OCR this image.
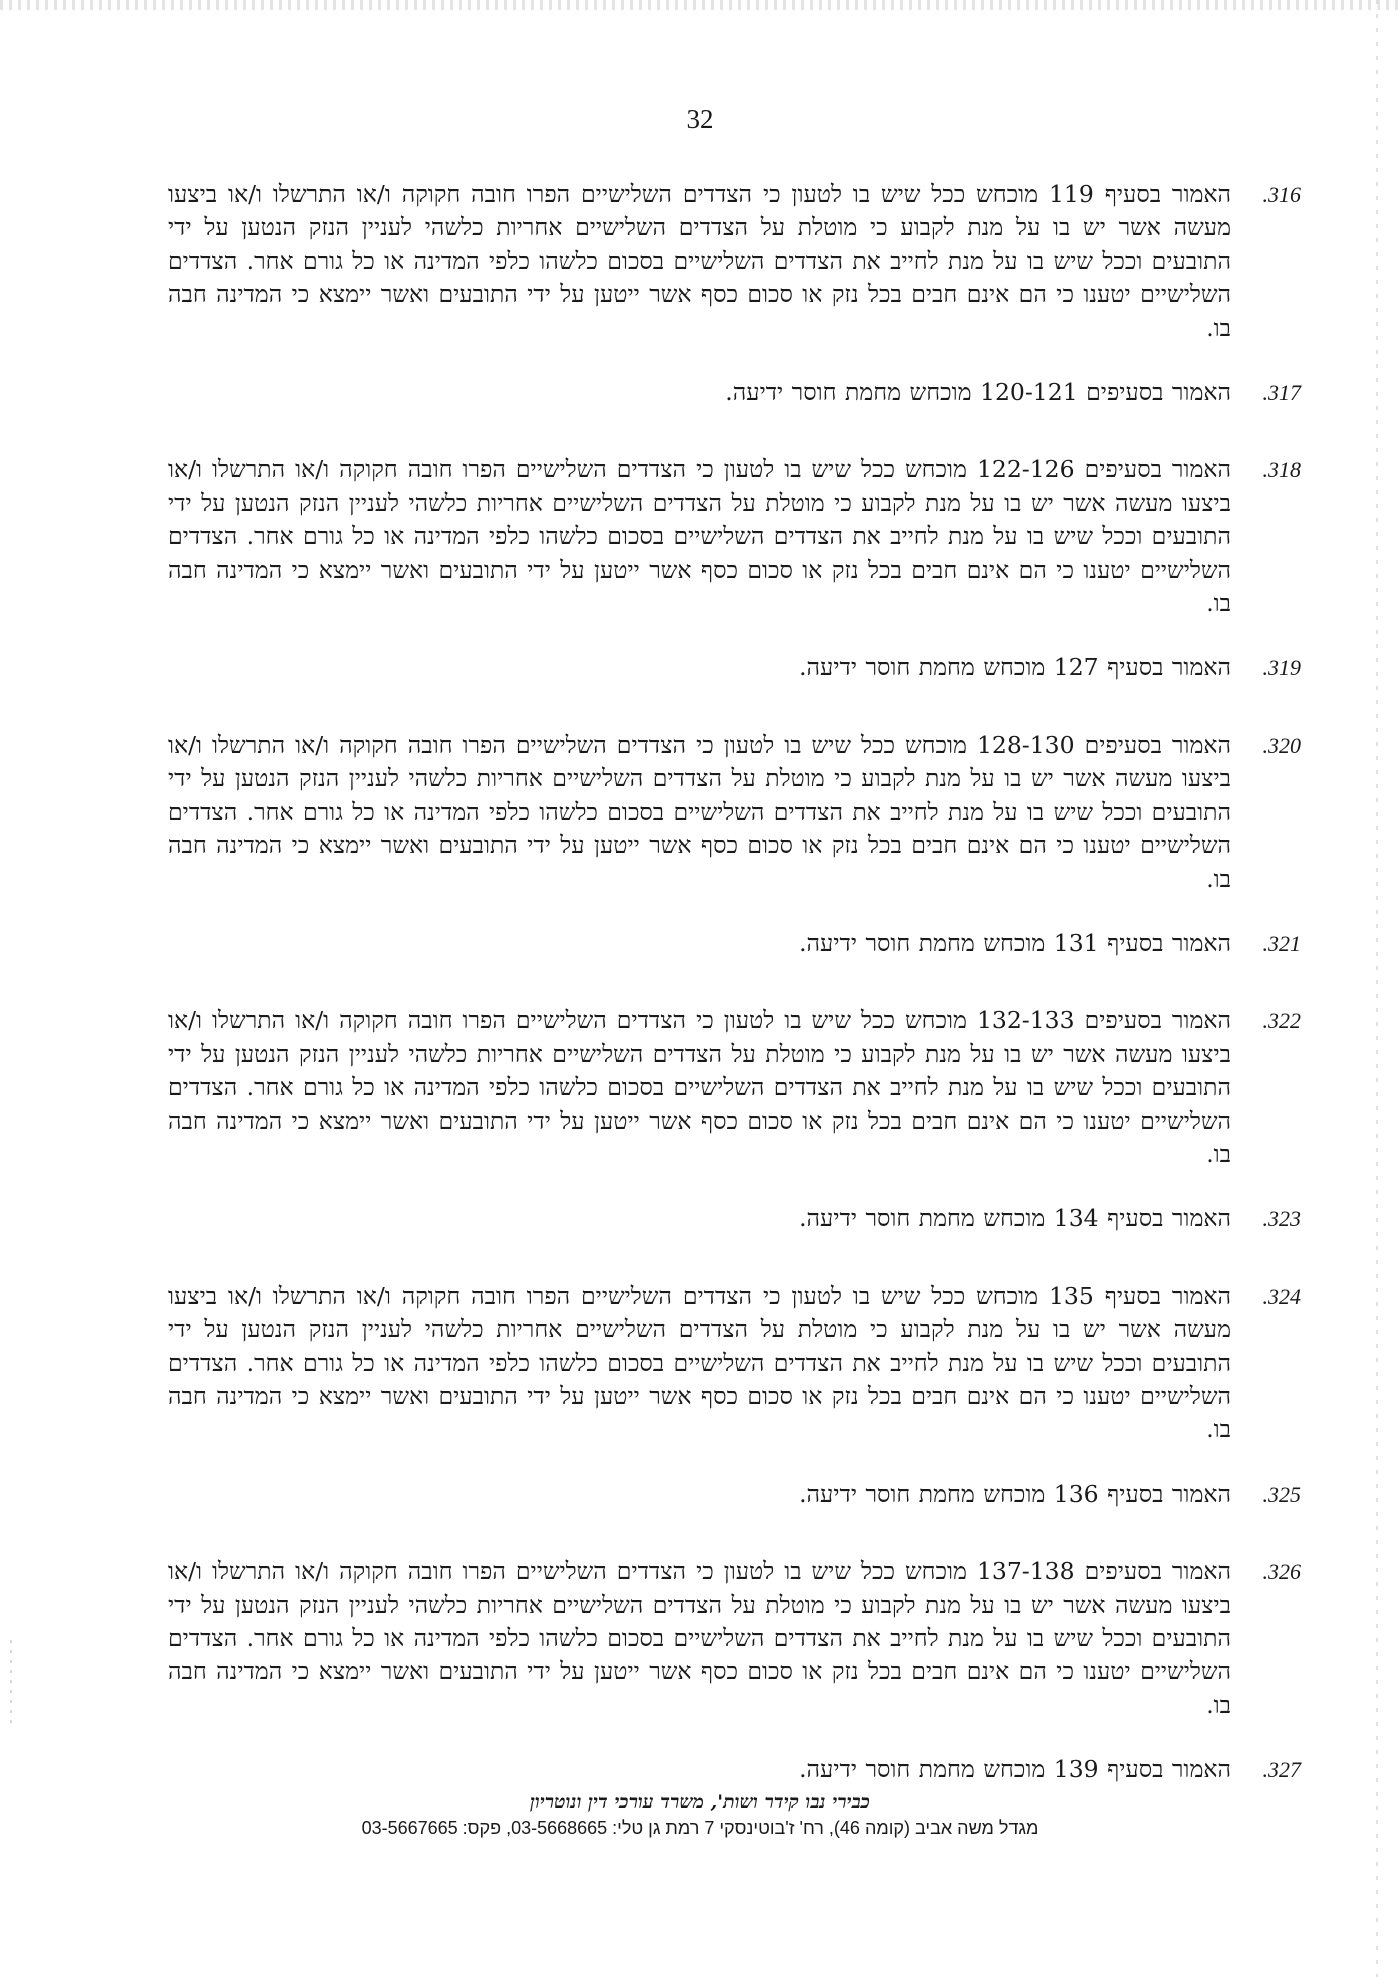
32
.316
האמור בסעיף 119 מוכחש ככל שיש בו לטעון כי הצדדים השלישיים הפרו חובה חקוקה ו/או התרשלו ו/או ביצעו מעשה אשר יש בו על מנת לקבוע כי מוטלת על הצדדים השלישיים אחריות כלשהי לעניין הנזק הנטען על ידי התובעים וככל שיש בו על מנת לחייב את הצדדים השלישיים בסכום כלשהו כלפי המדינה או כל גורם אחר. הצדדים השלישיים יטענו כי הם אינם חבים בכל נזק או סכום כסף אשר ייטען על ידי התובעים ואשר יימצא כי המדינה חבה בו.
.317
האמור בסעיפים 120-121 מוכחש מחמת חוסר ידיעה.
.318
האמור בסעיפים 122-126 מוכחש ככל שיש בו לטעון כי הצדדים השלישיים הפרו חובה חקוקה ו/או התרשלו ו/או ביצעו מעשה אשר יש בו על מנת לקבוע כי מוטלת על הצדדים השלישיים אחריות כלשהי לעניין הנזק הנטען על ידי התובעים וככל שיש בו על מנת לחייב את הצדדים השלישיים בסכום כלשהו כלפי המדינה או כל גורם אחר. הצדדים השלישיים יטענו כי הם אינם חבים בכל נזק או סכום כסף אשר ייטען על ידי התובעים ואשר יימצא כי המדינה חבה בו.
.319
האמור בסעיף 127 מוכחש מחמת חוסר ידיעה.
.320
האמור בסעיפים 128-130 מוכחש ככל שיש בו לטעון כי הצדדים השלישיים הפרו חובה חקוקה ו/או התרשלו ו/או ביצעו מעשה אשר יש בו על מנת לקבוע כי מוטלת על הצדדים השלישיים אחריות כלשהי לעניין הנזק הנטען על ידי התובעים וככל שיש בו על מנת לחייב את הצדדים השלישיים בסכום כלשהו כלפי המדינה או כל גורם אחר. הצדדים השלישיים יטענו כי הם אינם חבים בכל נזק או סכום כסף אשר ייטען על ידי התובעים ואשר יימצא כי המדינה חבה בו.
.321
האמור בסעיף 131 מוכחש מחמת חוסר ידיעה.
.322
האמור בסעיפים 132-133 מוכחש ככל שיש בו לטעון כי הצדדים השלישיים הפרו חובה חקוקה ו/או התרשלו ו/או ביצעו מעשה אשר יש בו על מנת לקבוע כי מוטלת על הצדדים השלישיים אחריות כלשהי לעניין הנזק הנטען על ידי התובעים וככל שיש בו על מנת לחייב את הצדדים השלישיים בסכום כלשהו כלפי המדינה או כל גורם אחר. הצדדים השלישיים יטענו כי הם אינם חבים בכל נזק או סכום כסף אשר ייטען על ידי התובעים ואשר יימצא כי המדינה חבה בו.
.323
האמור בסעיף 134 מוכחש מחמת חוסר ידיעה.
.324
האמור בסעיף 135 מוכחש ככל שיש בו לטעון כי הצדדים השלישיים הפרו חובה חקוקה ו/או התרשלו ו/או ביצעו מעשה אשר יש בו על מנת לקבוע כי מוטלת על הצדדים השלישיים אחריות כלשהי לעניין הנזק הנטען על ידי התובעים וככל שיש בו על מנת לחייב את הצדדים השלישיים בסכום כלשהו כלפי המדינה או כל גורם אחר. הצדדים השלישיים יטענו כי הם אינם חבים בכל נזק או סכום כסף אשר ייטען על ידי התובעים ואשר יימצא כי המדינה חבה בו.
.325
האמור בסעיף 136 מוכחש מחמת חוסר ידיעה.
.326
האמור בסעיפים 137-138 מוכחש ככל שיש בו לטעון כי הצדדים השלישיים הפרו חובה חקוקה ו/או התרשלו ו/או ביצעו מעשה אשר יש בו על מנת לקבוע כי מוטלת על הצדדים השלישיים אחריות כלשהי לעניין הנזק הנטען על ידי התובעים וככל שיש בו על מנת לחייב את הצדדים השלישיים בסכום כלשהו כלפי המדינה או כל גורם אחר. הצדדים השלישיים יטענו כי הם אינם חבים בכל נזק או סכום כסף אשר ייטען על ידי התובעים ואשר יימצא כי המדינה חבה בו.
.327
האמור בסעיף 139 מוכחש מחמת חוסר ידיעה.
כבירי נבו קידר ושות', משרד עורכי דין ונוטריון
מגדל משה אביב (קומה 46), רח' ז'בוטינסקי 7 רמת גן טלי: 03-5668665, פקס: 03-5667665
